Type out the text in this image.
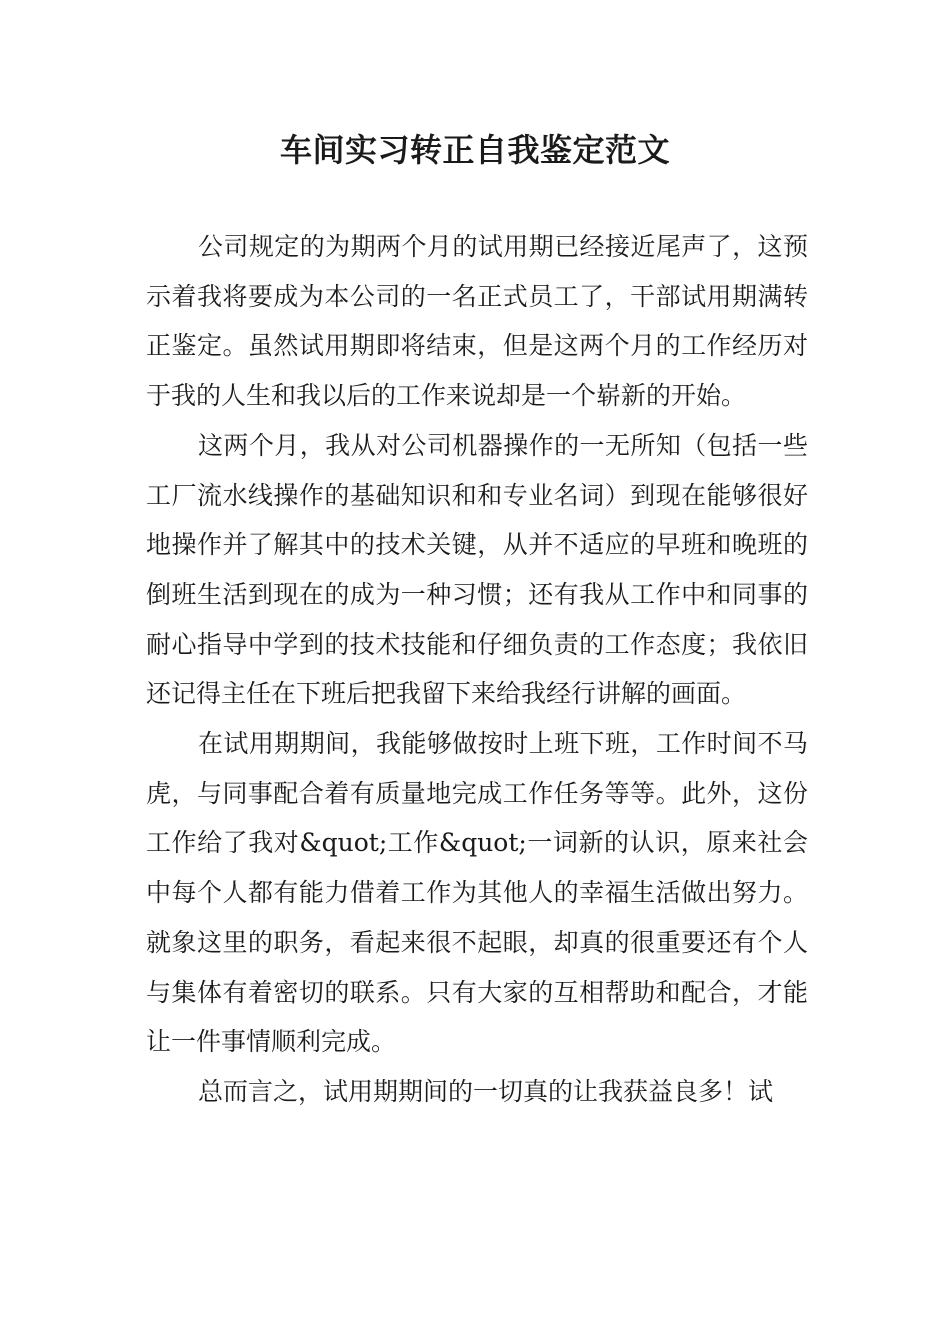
车间实习转正自我鉴定范文

公司规定的为期两个月的试用期已经接近尾声了，这预示着我将要成为本公司的一名正式员工了，干部试用期满转正鉴定。虽然试用期即将结束，但是这两个月的工作经历对于我的人生和我以后的工作来说却是一个崭新的开始。

这两个月，我从对公司机器操作的一无所知（包括一些工厂流水线操作的基础知识和和专业名词）到现在能够很好地操作并了解其中的技术关键，从并不适应的早班和晚班的倒班生活到现在的成为一种习惯；还有我从工作中和同事的耐心指导中学到的技术技能和仔细负责的工作态度；我依旧还记得主任在下班后把我留下来给我经行讲解的画面。

在试用期期间，我能够做按时上班下班，工作时间不马虎，与同事配合着有质量地完成工作任务等等。此外，这份工作给了我对&quot;工作&quot;一词新的认识，原来社会中每个人都有能力借着工作为其他人的幸福生活做出努力。就象这里的职务，看起来很不起眼，却真的很重要还有个人与集体有着密切的联系。只有大家的互相帮助和配合，才能让一件事情顺利完成。

总而言之，试用期期间的一切真的让我获益良多！试
